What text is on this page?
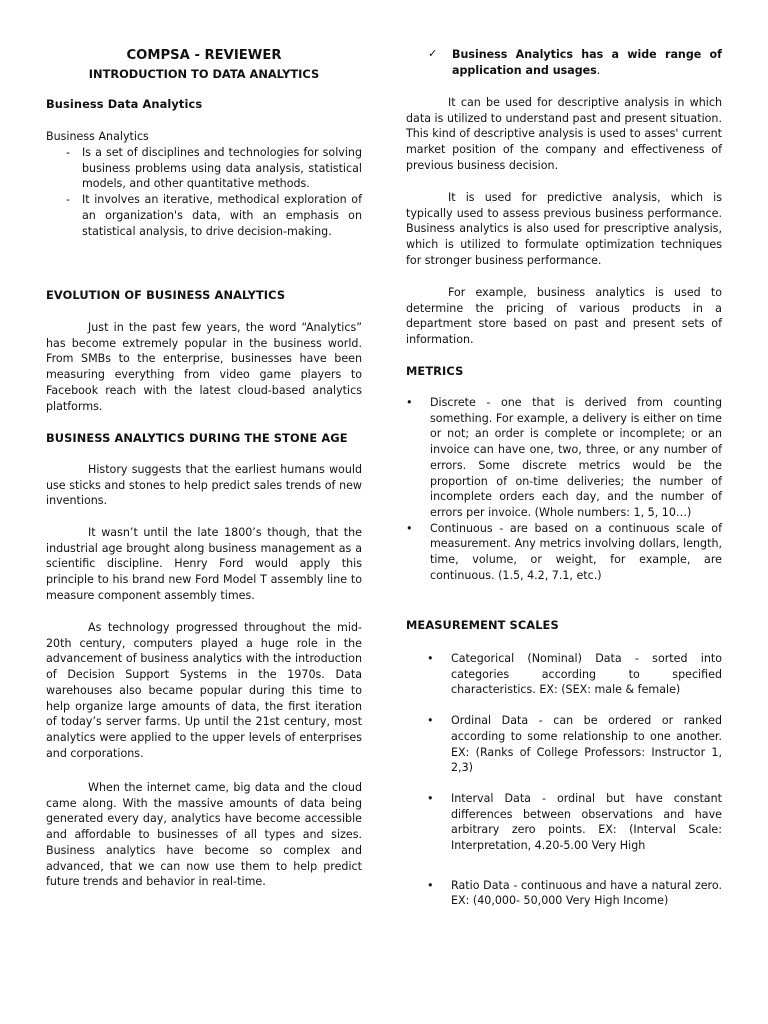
COMPSA - REVIEWER

INTRODUCTION TO DATA ANALYTICS

Business Data Analytics

Business Analytics

- Is a set of disciplines and technologies for solving business problems using data analysis, statistical models, and other quantitative methods.
- It involves an iterative, methodical exploration of an organization's data, with an emphasis on statistical analysis, to drive decision-making.

EVOLUTION OF BUSINESS ANALYTICS

Just in the past few years, the word “Analytics” has become extremely popular in the business world. From SMBs to the enterprise, businesses have been measuring everything from video game players to Facebook reach with the latest cloud-based analytics platforms.

BUSINESS ANALYTICS DURING THE STONE AGE

History suggests that the earliest humans would use sticks and stones to help predict sales trends of new inventions.

It wasn’t until the late 1800’s though, that the industrial age brought along business management as a scientific discipline. Henry Ford would apply this principle to his brand new Ford Model T assembly line to measure component assembly times.

As technology progressed throughout the mid-20th century, computers played a huge role in the advancement of business analytics with the introduction of Decision Support Systems in the 1970s. Data warehouses also became popular during this time to help organize large amounts of data, the first iteration of today’s server farms. Up until the 21st century, most analytics were applied to the upper levels of enterprises and corporations.

When the internet came, big data and the cloud came along. With the massive amounts of data being generated every day, analytics have become accessible and affordable to businesses of all types and sizes. Business analytics have become so complex and advanced, that we can now use them to help predict future trends and behavior in real-time.

✓ Business Analytics has a wide range of application and usages.

It can be used for descriptive analysis in which data is utilized to understand past and present situation. This kind of descriptive analysis is used to asses' current market position of the company and effectiveness of previous business decision.

It is used for predictive analysis, which is typically used to assess previous business performance. Business analytics is also used for prescriptive analysis, which is utilized to formulate optimization techniques for stronger business performance.

For example, business analytics is used to determine the pricing of various products in a department store based on past and present sets of information.

METRICS

• Discrete - one that is derived from counting something. For example, a delivery is either on time or not; an order is complete or incomplete; or an invoice can have one, two, three, or any number of errors. Some discrete metrics would be the proportion of on-time deliveries; the number of incomplete orders each day, and the number of errors per invoice. (Whole numbers: 1, 5, 10…)
• Continuous - are based on a continuous scale of measurement. Any metrics involving dollars, length, time, volume, or weight, for example, are continuous. (1.5, 4.2, 7.1, etc.)

MEASUREMENT SCALES

• Categorical (Nominal) Data - sorted into categories according to specified characteristics. EX: (SEX: male & female)
• Ordinal Data - can be ordered or ranked according to some relationship to one another. EX: (Ranks of College Professors: Instructor 1, 2,3)
• Interval Data - ordinal but have constant differences between observations and have arbitrary zero points. EX: (Interval Scale: Interpretation, 4.20-5.00 Very High
• Ratio Data - continuous and have a natural zero. EX: (40,000- 50,000 Very High Income)
